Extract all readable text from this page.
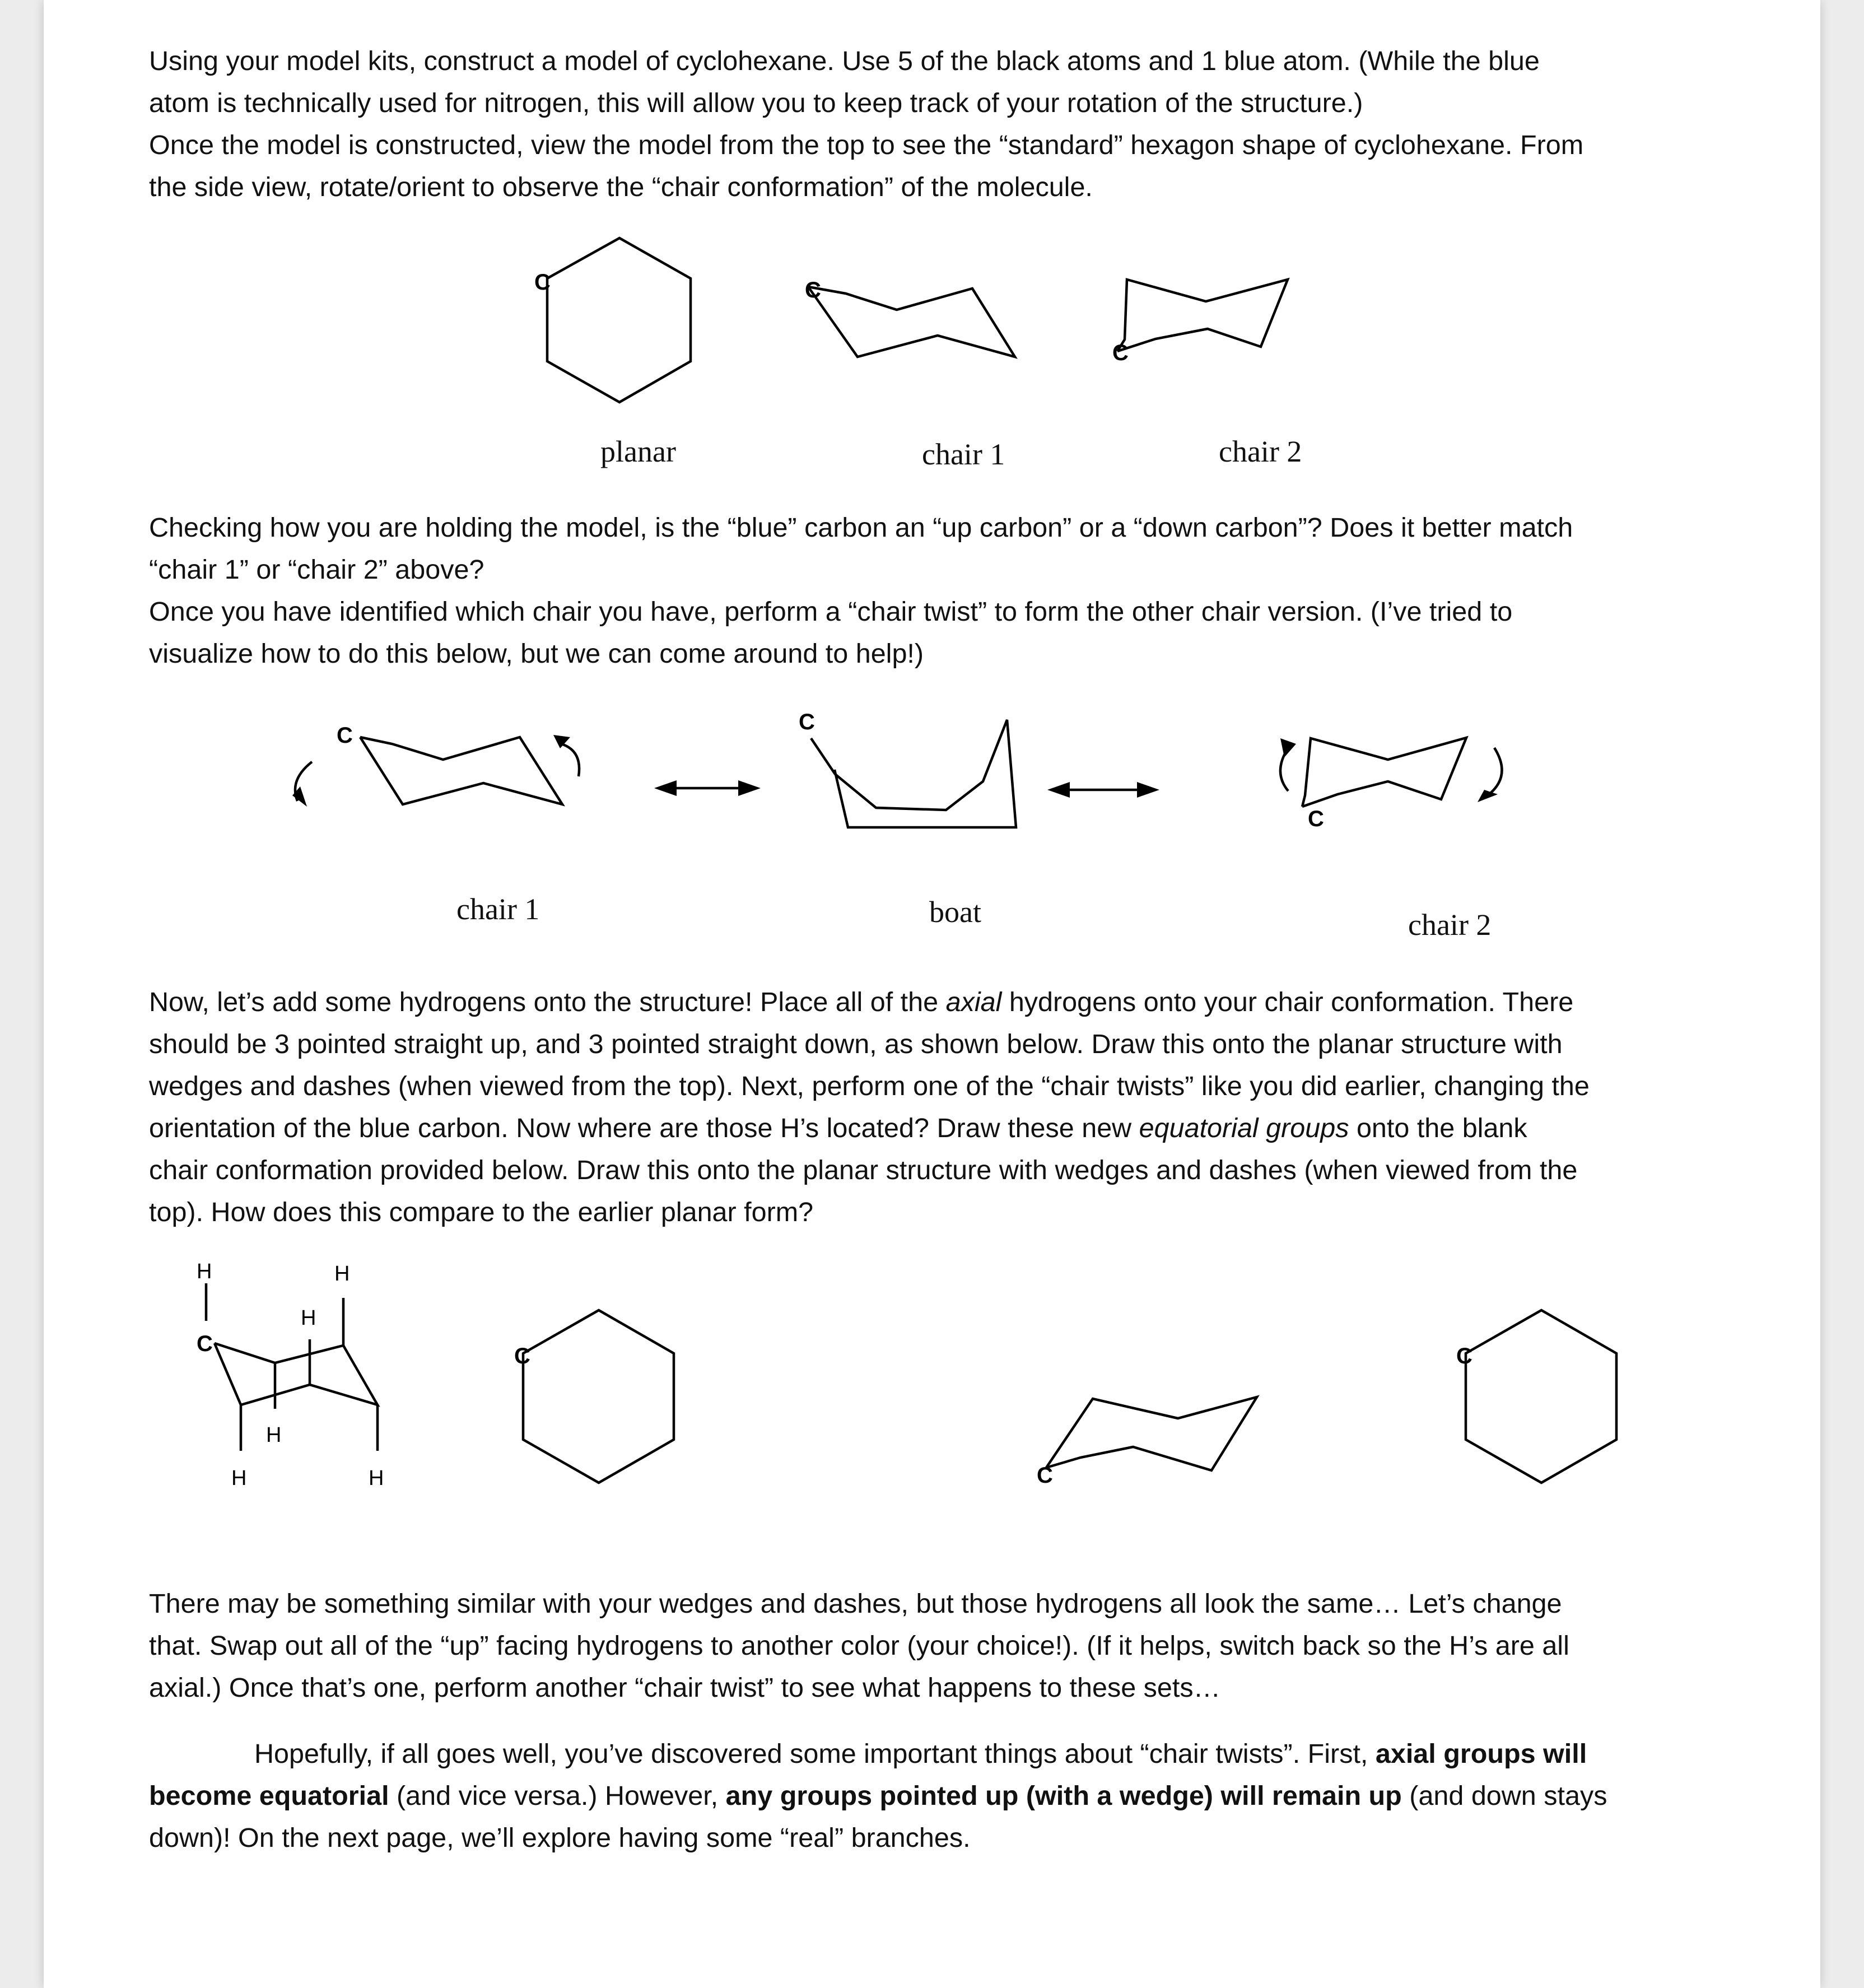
Using your model kits, construct a model of cyclohexane. Use 5 of the black atoms and 1 blue atom. (While the blue
atom is technically used for nitrogen, this will allow you to keep track of your rotation of the structure.)
Once the model is constructed, view the model from the top to see the “standard” hexagon shape of cyclohexane. From
the side view, rotate/orient to observe the “chair conformation” of the molecule.

C	C
C
C
C
C
C
H	H
H
H
H	H
C
C
C
planar	chair 1	chair 2

Checking how you are holding the model, is the “blue” carbon an “up carbon” or a “down carbon”? Does it better match
“chair 1” or “chair 2” above?
Once you have identified which chair you have, perform a “chair twist” to form the other chair version. (I’ve tried to
visualize how to do this below, but we can come around to help!)

chair 1	boat	chair 2

Now, let’s add some hydrogens onto the structure! Place all of the axial hydrogens onto your chair conformation. There
should be 3 pointed straight up, and 3 pointed straight down, as shown below. Draw this onto the planar structure with
wedges and dashes (when viewed from the top). Next, perform one of the “chair twists” like you did earlier, changing the
orientation of the blue carbon. Now where are those H’s located? Draw these new equatorial groups onto the blank
chair conformation provided below. Draw this onto the planar structure with wedges and dashes (when viewed from the
top). How does this compare to the earlier planar form?

There may be something similar with your wedges and dashes, but those hydrogens all look the same… Let’s change
that. Swap out all of the “up” facing hydrogens to another color (your choice!). (If it helps, switch back so the H’s are all
axial.) Once that’s one, perform another “chair twist” to see what happens to these sets…

Hopefully, if all goes well, you’ve discovered some important things about “chair twists”. First, axial groups will
become equatorial (and vice versa.) However, any groups pointed up (with a wedge) will remain up (and down stays
down)! On the next page, we’ll explore having some “real” branches.
